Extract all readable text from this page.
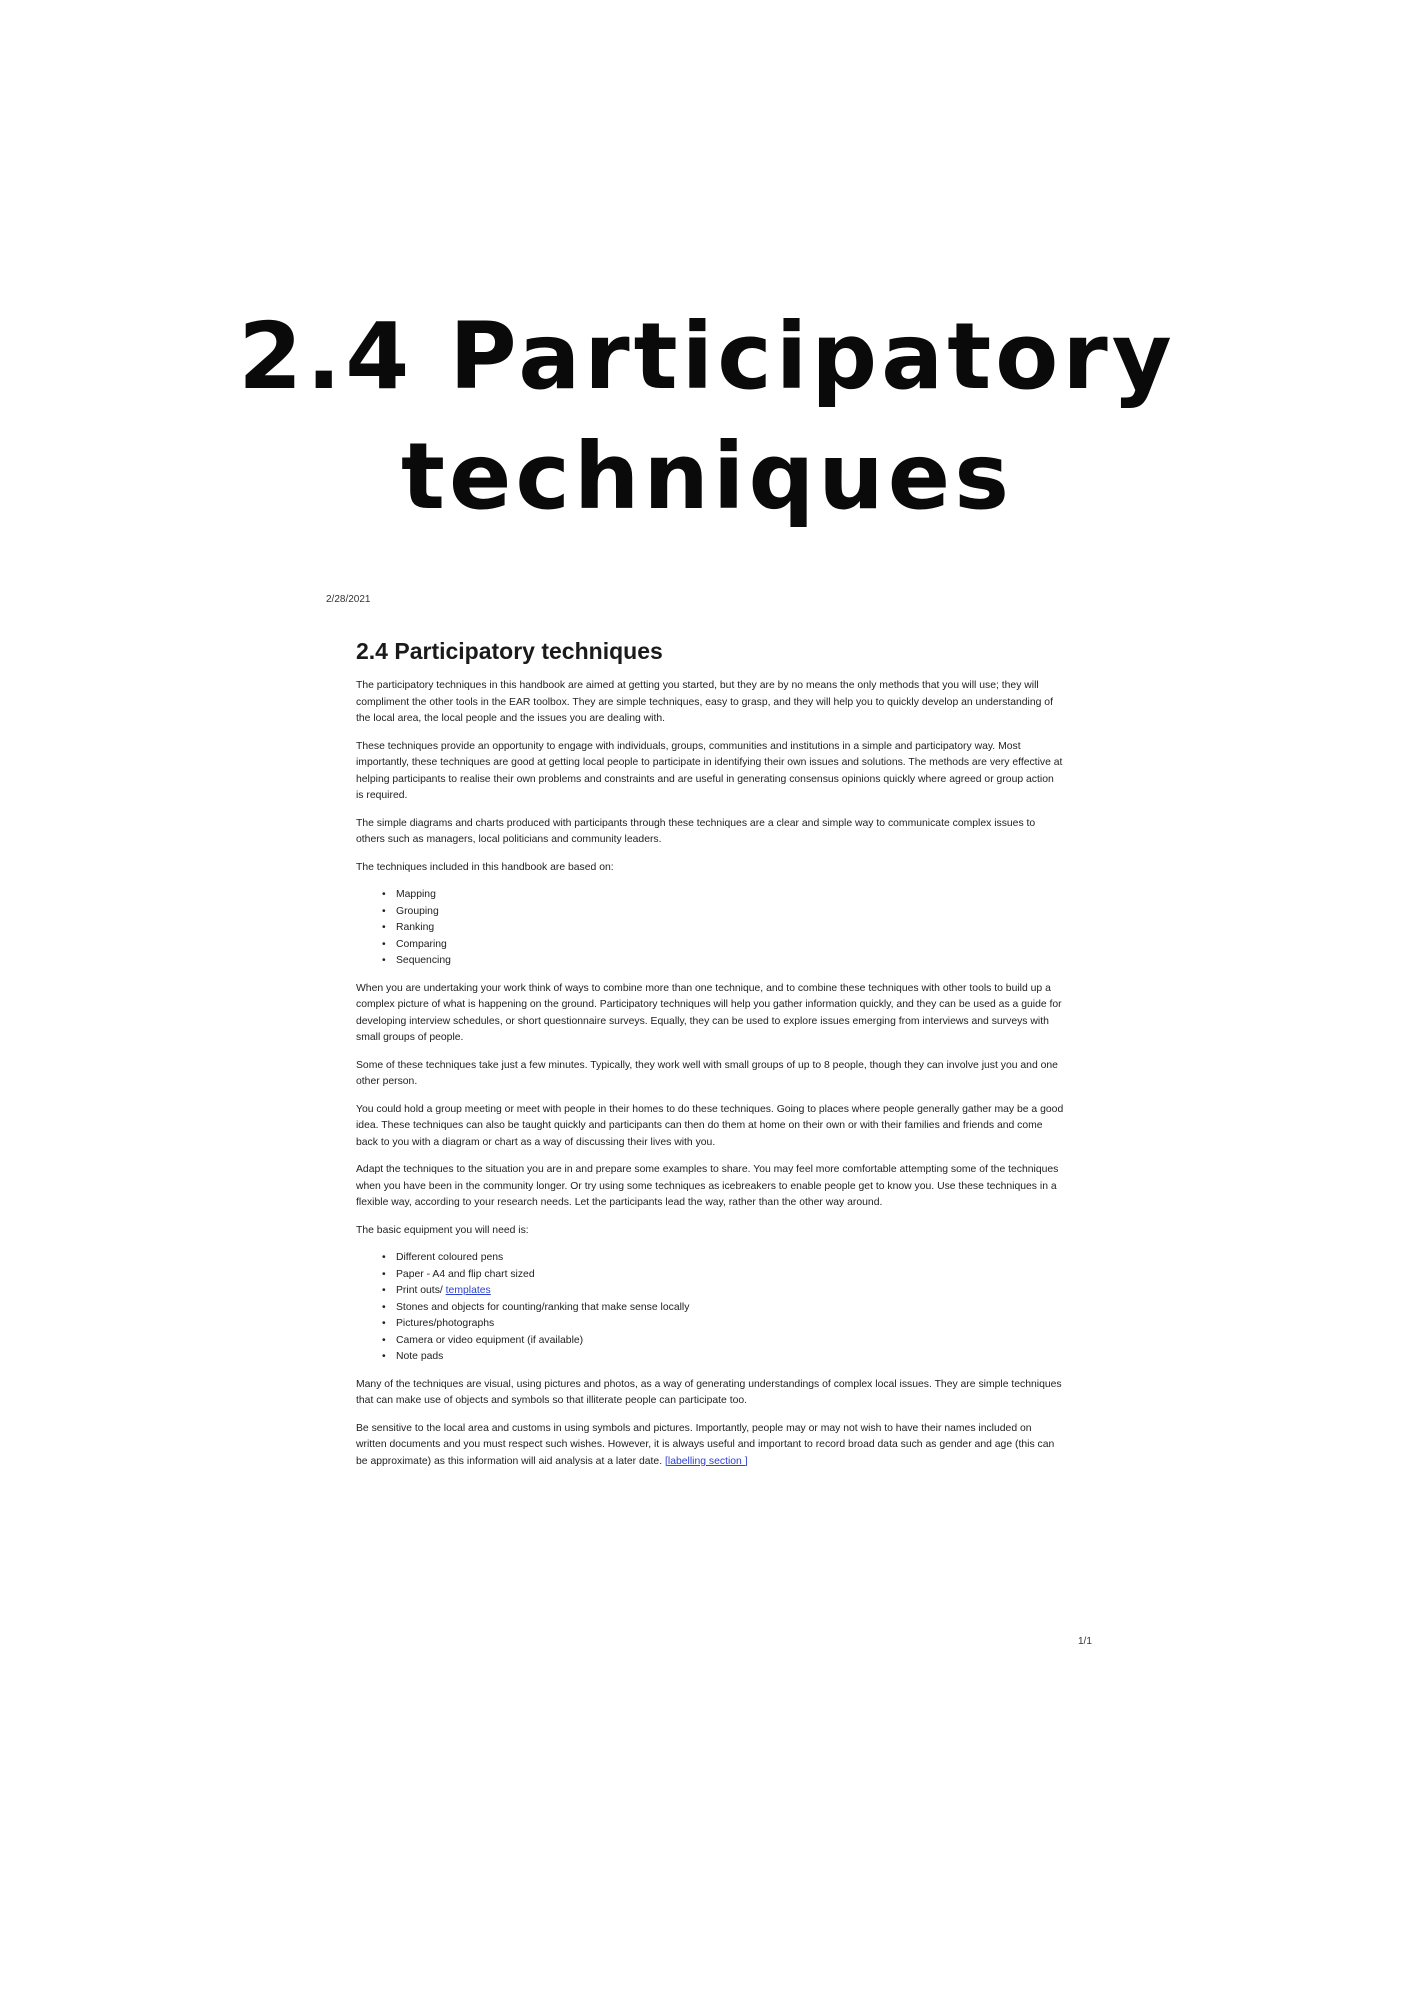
2.4 Participatory
techniques

2/28/2021

2.4 Participatory techniques

The participatory techniques in this handbook are aimed at getting you started, but they are by no means the only methods that you will use; they will compliment the other tools in the EAR toolbox. They are simple techniques, easy to grasp, and they will help you to quickly develop an understanding of the local area, the local people and the issues you are dealing with.

These techniques provide an opportunity to engage with individuals, groups, communities and institutions in a simple and participatory way. Most importantly, these techniques are good at getting local people to participate in identifying their own issues and solutions. The methods are very effective at helping participants to realise their own problems and constraints and are useful in generating consensus opinions quickly where agreed or group action is required.

The simple diagrams and charts produced with participants through these techniques are a clear and simple way to communicate complex issues to others such as managers, local politicians and community leaders.

The techniques included in this handbook are based on:

• Mapping
• Grouping
• Ranking
• Comparing
• Sequencing

When you are undertaking your work think of ways to combine more than one technique, and to combine these techniques with other tools to build up a complex picture of what is happening on the ground. Participatory techniques will help you gather information quickly, and they can be used as a guide for developing interview schedules, or short questionnaire surveys. Equally, they can be used to explore issues emerging from interviews and surveys with small groups of people.

Some of these techniques take just a few minutes. Typically, they work well with small groups of up to 8 people, though they can involve just you and one other person.

You could hold a group meeting or meet with people in their homes to do these techniques. Going to places where people generally gather may be a good idea. These techniques can also be taught quickly and participants can then do them at home on their own or with their families and friends and come back to you with a diagram or chart as a way of discussing their lives with you.

Adapt the techniques to the situation you are in and prepare some examples to share. You may feel more comfortable attempting some of the techniques when you have been in the community longer. Or try using some techniques as icebreakers to enable people get to know you. Use these techniques in a flexible way, according to your research needs. Let the participants lead the way, rather than the other way around.

The basic equipment you will need is:

• Different coloured pens
• Paper - A4 and flip chart sized
• Print outs/ templates
• Stones and objects for counting/ranking that make sense locally
• Pictures/photographs
• Camera or video equipment (if available)
• Note pads

Many of the techniques are visual, using pictures and photos, as a way of generating understandings of complex local issues. They are simple techniques that can make use of objects and symbols so that illiterate people can participate too.

Be sensitive to the local area and customs in using symbols and pictures. Importantly, people may or may not wish to have their names included on written documents and you must respect such wishes. However, it is always useful and important to record broad data such as gender and age (this can be approximate) as this information will aid analysis at a later date. [labelling section ]

1/1
